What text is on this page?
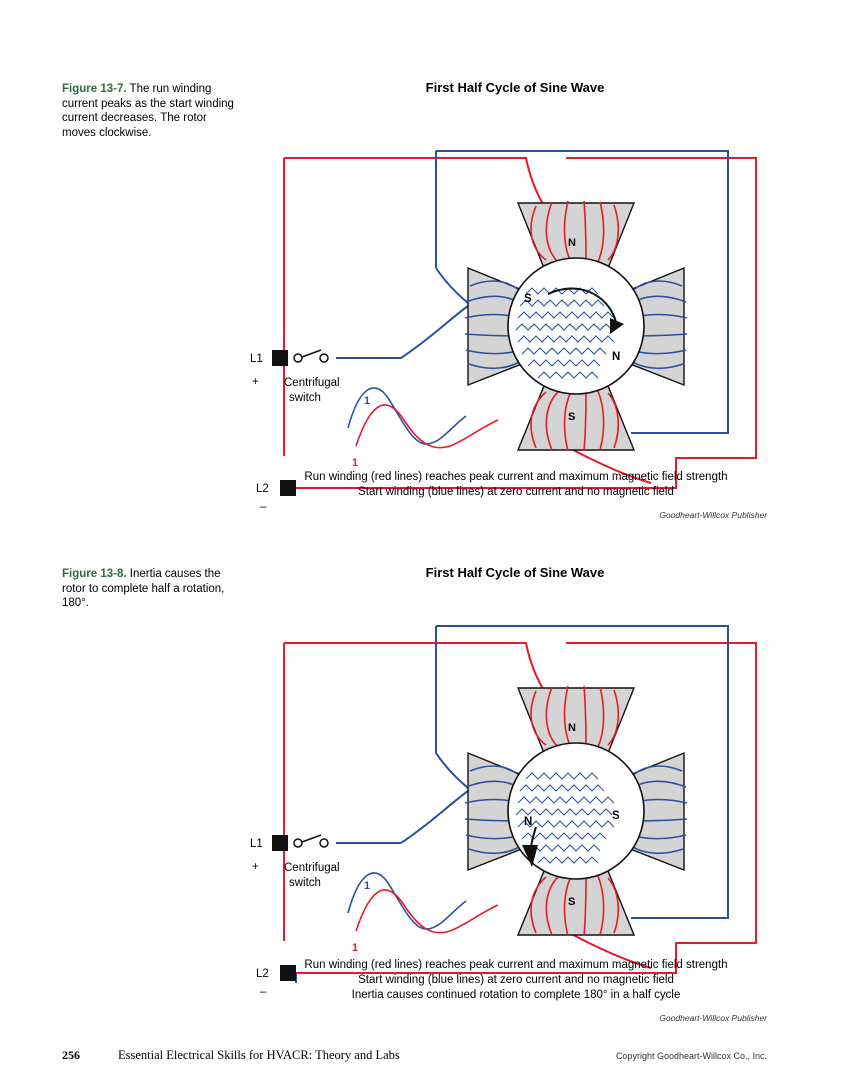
Figure 13-7. The run winding current peaks as the start winding current decreases. The rotor moves clockwise.
First Half Cycle of Sine Wave
L1
+ Centrifugal
switch
L2
–
1
1
N
S
S
N
Run winding (red lines) reaches peak current and maximum magnetic field strength
Start winding (blue lines) at zero current and no magnetic field
Goodheart-Willcox Publisher
Figure 13-8. Inertia causes the rotor to complete half a rotation, 180°.
First Half Cycle of Sine Wave
L1
+ Centrifugal
switch
L2
–
1
1
N
S
N	S
Run winding (red lines) reaches peak current and maximum magnetic field strength
Start winding (blue lines) at zero current and no magnetic field
Inertia causes continued rotation to complete 180° in a half cycle
Goodheart-Willcox Publisher
256	Essential Electrical Skills for HVACR: Theory and Labs	Copyright Goodheart-Willcox Co., Inc.
